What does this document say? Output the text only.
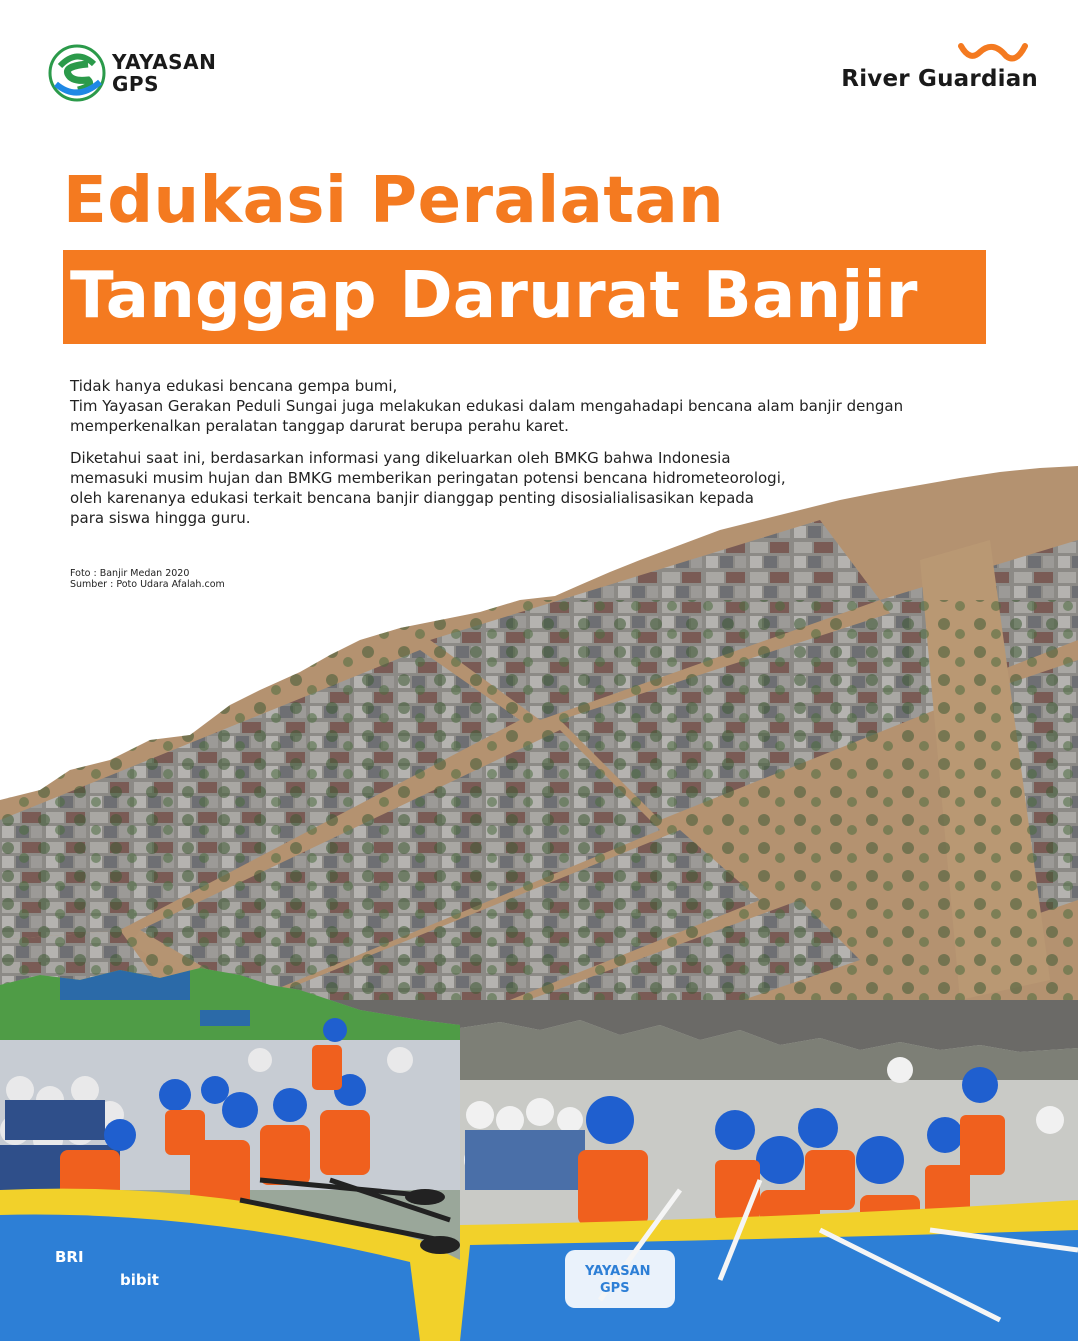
BRI
bibit	YAYASAN
GPS
YAYASAN
GPS	River Guardian
Edukasi Peralatan
Tanggap Darurat Banjir
Tidak hanya edukasi bencana gempa bumi,
Tim Yayasan Gerakan Peduli Sungai juga melakukan edukasi dalam mengahadapi bencana alam banjir dengan
memperkenalkan peralatan tanggap darurat berupa perahu karet.
Diketahui saat ini, berdasarkan informasi yang dikeluarkan oleh BMKG bahwa Indonesia
memasuki musim hujan dan BMKG memberikan peringatan potensi bencana hidrometeorologi,
oleh karenanya edukasi terkait bencana banjir dianggap penting disosialialisasikan kepada
para siswa hingga guru.
Foto : Banjir Medan 2020
Sumber : Poto Udara Afalah.com
